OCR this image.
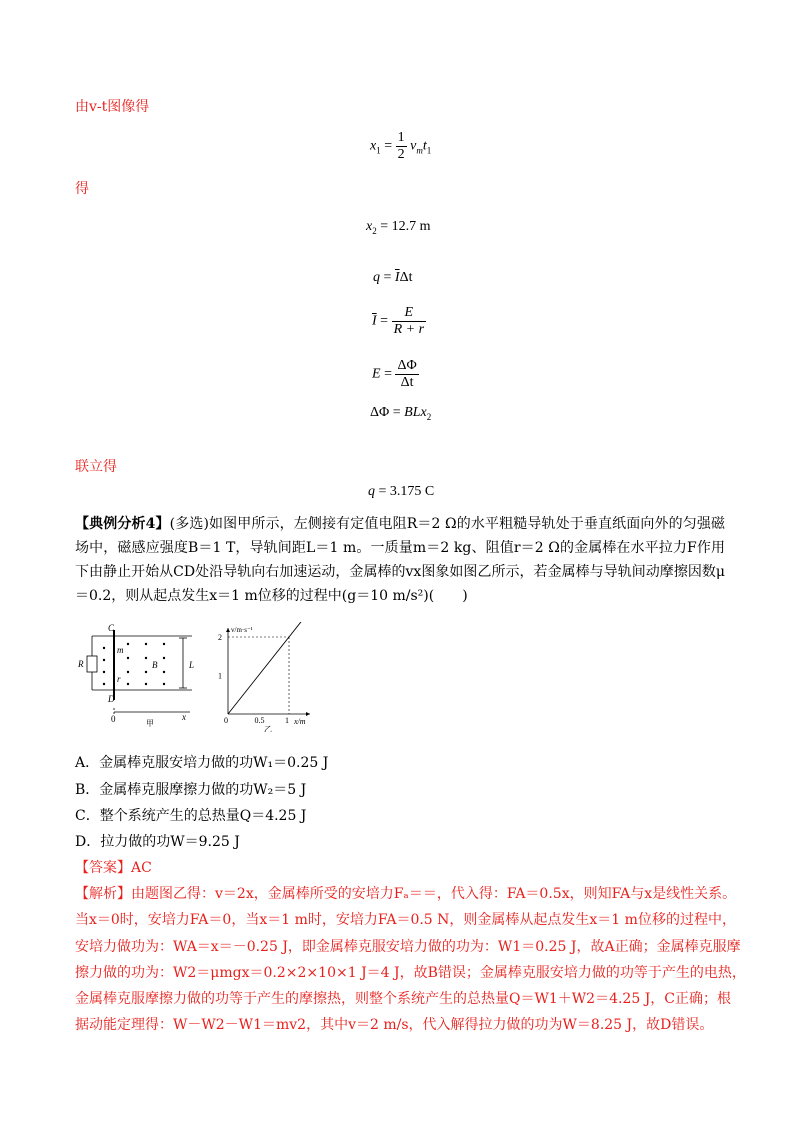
由v-t图像得
$x_1 = \frac{1}{2} v_mt_1$
得
$x_2 = 12.7$ m
$q = \overline{I}\Delta t$
$\overline{I} = \frac{E}{R + r}$
$E = \frac{\Delta\Phi}{\Delta t}$
ΔΦ = BLx$_2$
联立得
q = 3.175 C
【典例分析4】(多选)如图甲所示，左侧接有定值电阻R＝2 Ω的水平粗糙导轨处于垂直纸面向外的匀强磁场中，磁感应强度B＝1 T，导轨间距L＝1 m。一质量m＝2 kg、阻值r＝2 Ω的金属棒在水平拉力F作用下由静止开始从CD处沿导轨向右加速运动，金属棒的vx图象如图乙所示，若金属棒与导轨间动摩擦因数μ＝0.2，则从起点发生x＝1 m位移的过程中(g＝10 m/s²)(　　)
C
D
R
m
r
B	L
0	x
甲
2
1
0	0.5	1
v/m·s⁻¹
x/m
乙
A．金属棒克服安培力做的功W₁＝0.25 J
B．金属棒克服摩擦力做的功W₂＝5 J
C．整个系统产生的总热量Q＝4.25 J
D．拉力做的功W＝9.25 J
【答案】AC
【解析】由题图乙得：v＝2x，金属棒所受的安培力Fₐ＝＝，代入得：FA＝0.5x，则知FA与x是线性关系。
当x＝0时，安培力FA＝0，当x＝1 m时，安培力FA＝0.5 N，则金属棒从起点发生x＝1 m位移的过程中，
安培力做功为：WA＝x＝－0.25 J，即金属棒克服安培力做的功为：W1＝0.25 J，故A正确；金属棒克服摩
擦力做的功为：W2＝μmgx＝0.2×2×10×1 J＝4 J，故B错误；金属棒克服安培力做的功等于产生的电热，
金属棒克服摩擦力做的功等于产生的摩擦热，则整个系统产生的总热量Q＝W1＋W2＝4.25 J，C正确；根
据动能定理得：W－W2－W1＝mv2，其中v＝2 m/s，代入解得拉力做的功为W＝8.25 J，故D错误。
